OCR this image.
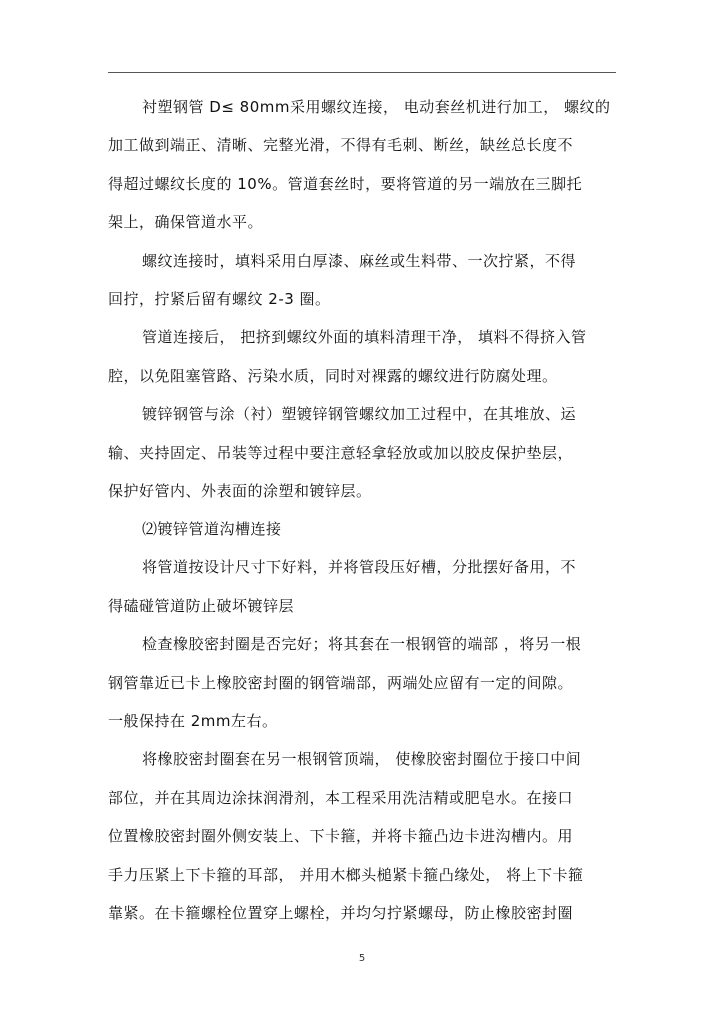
衬塑钢管 D≤ 80mm采用螺纹连接， 电动套丝机进行加工， 螺纹的
加工做到端正、清晰、完整光滑，不得有毛刺、断丝，缺丝总长度不
得超过螺纹长度的 10%。管道套丝时，要将管道的另一端放在三脚托
架上，确保管道水平。
螺纹连接时，填料采用白厚漆、麻丝或生料带、一次拧紧，不得
回拧，拧紧后留有螺纹 2-3 圈。
管道连接后， 把挤到螺纹外面的填料清理干净， 填料不得挤入管
腔，以免阻塞管路、污染水质，同时对裸露的螺纹进行防腐处理。
镀锌钢管与涂（衬）塑镀锌钢管螺纹加工过程中，在其堆放、运
输、夹持固定、吊装等过程中要注意轻拿轻放或加以胶皮保护垫层，
保护好管内、外表面的涂塑和镀锌层。
⑵镀锌管道沟槽连接
将管道按设计尺寸下好料，并将管段压好槽，分批摆好备用，不
得磕碰管道防止破坏镀锌层
检查橡胶密封圈是否完好；将其套在一根钢管的端部 ，将另一根
钢管靠近已卡上橡胶密封圈的钢管端部，两端处应留有一定的间隙。
一般保持在 2mm左右。
将橡胶密封圈套在另一根钢管顶端， 使橡胶密封圈位于接口中间
部位，并在其周边涂抹润滑剂，本工程采用洗洁精或肥皂水。在接口
位置橡胶密封圈外侧安装上、下卡箍，并将卡箍凸边卡进沟槽内。用
手力压紧上下卡箍的耳部， 并用木榔头槌紧卡箍凸缘处， 将上下卡箍
靠紧。在卡箍螺栓位置穿上螺栓，并均匀拧紧螺母，防止橡胶密封圈
5
